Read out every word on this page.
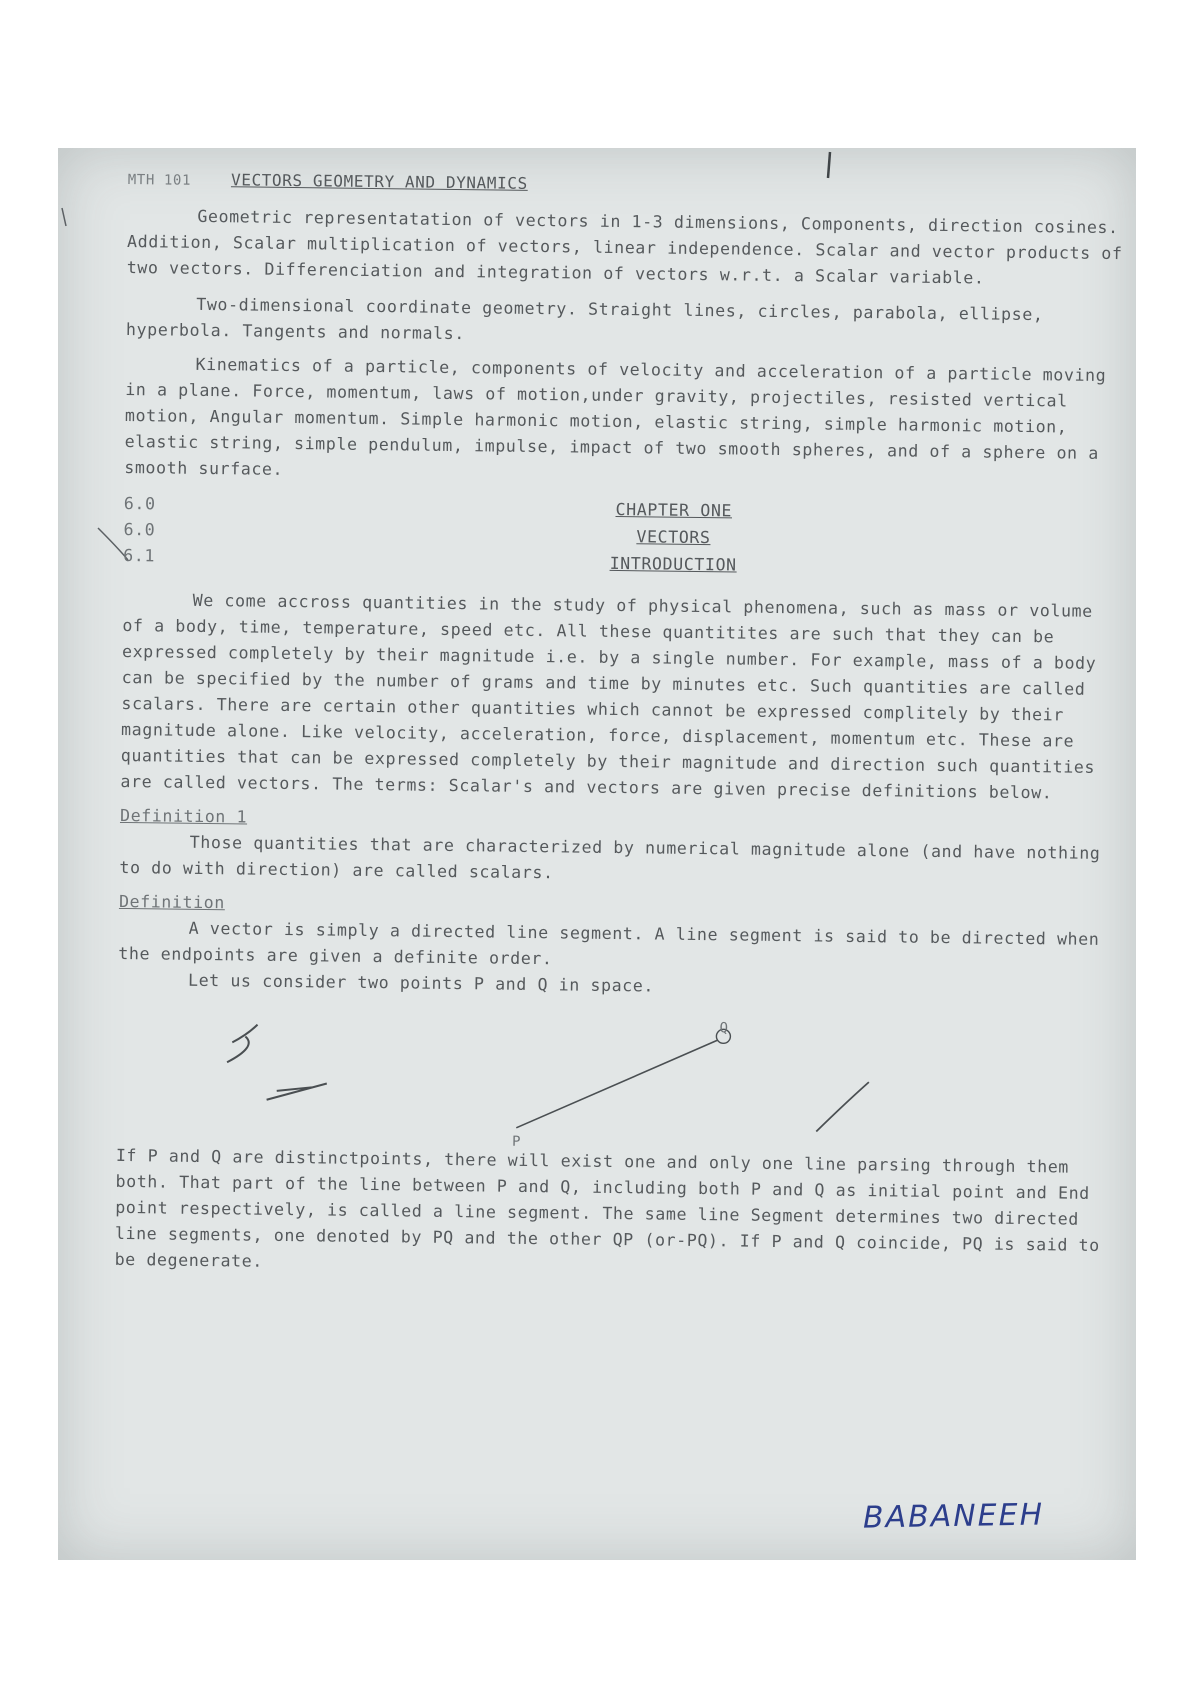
MTH 101 VECTORS GEOMETRY AND DYNAMICS

Geometric representatation of vectors in 1-3 dimensions, Components, direction cosines. Addition, Scalar multiplication of vectors, linear independence. Scalar and vector products of two vectors. Differenciation and integration of vectors w.r.t. a Scalar variable.

Two-dimensional coordinate geometry. Straight lines, circles, parabola, ellipse, hyperbola. Tangents and normals.

Kinematics of a particle, components of velocity and acceleration of a particle moving in a plane. Force, momentum, laws of motion,under gravity, projectiles, resisted vertical motion, Angular momentum. Simple harmonic motion, elastic string, simple harmonic motion, elastic string, simple pendulum, impulse, impact of two smooth spheres, and of a sphere on a smooth surface.

6.0
6.0
6.1
CHAPTER ONE
VECTORS
INTRODUCTION

We come accross quantities in the study of physical phenomena, such as mass or volume of a body, time, temperature, speed etc. All these quantitites are such that they can be expressed completely by their magnitude i.e. by a single number. For example, mass of a body can be specified by the number of grams and time by minutes etc. Such quantities are called scalars. There are certain other quantities which cannot be expressed complitely by their magnitude alone. Like velocity, acceleration, force, displacement, momentum etc. These are quantities that can be expressed completely by their magnitude and direction such quantities are called vectors. The terms: Scalar's and vectors are given precise definitions below.

Definition 1

Those quantities that are characterized by numerical magnitude alone (and have nothing to do with direction) are called scalars.

Definition

A vector is simply a directed line segment. A line segment is said to be directed when the endpoints are given a definite order.

Let us consider two points P and Q in space.

P
Q

If P and Q are distinctpoints, there will exist one and only one line parsing through them both. That part of the line between P and Q, including both P and Q as initial point and End point respectively, is called a line segment. The same line Segment determines two directed line segments, one denoted by PQ and the other QP (or-PQ). If P and Q coincide, PQ is said to be degenerate.

BABANEEH
